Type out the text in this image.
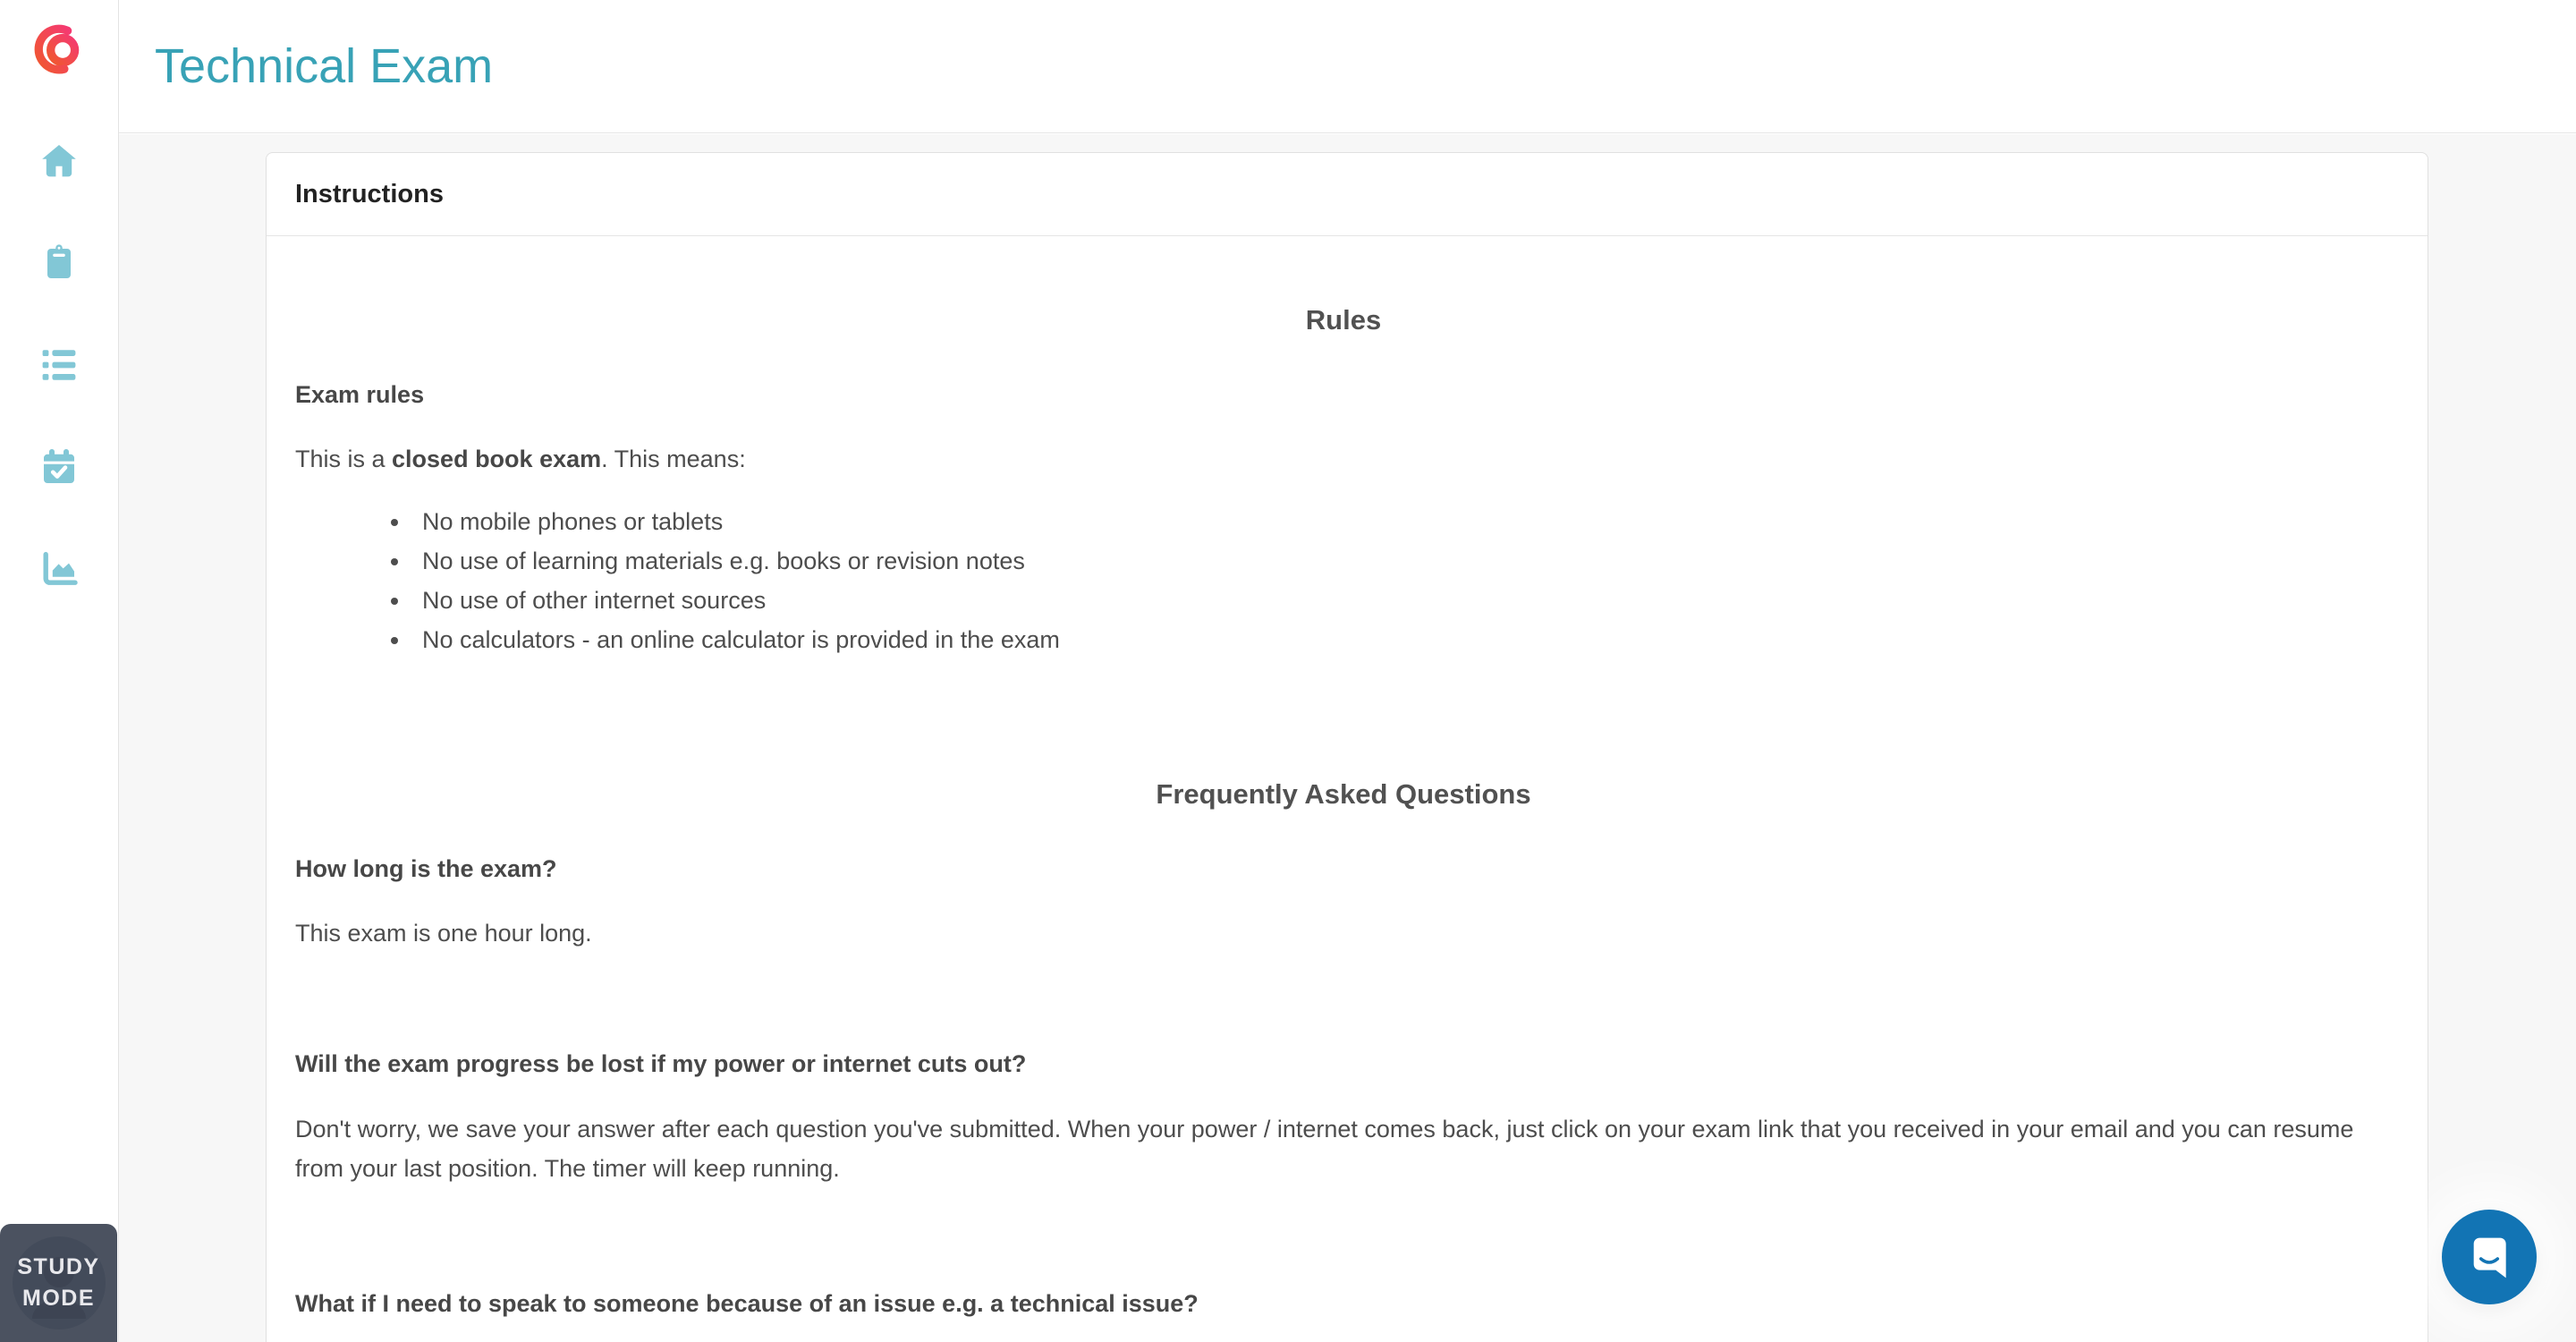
STUDY
MODE
Technical Exam
Instructions
Rules
Exam rules

This is a closed book exam. This means:

• No mobile phones or tablets
• No use of learning materials e.g. books or revision notes
• No use of other internet sources
• No calculators - an online calculator is provided in the exam
Frequently Asked Questions
How long is the exam?

This exam is one hour long.

Will the exam progress be lost if my power or internet cuts out?

Don't worry, we save your answer after each question you've submitted. When your power / internet comes back, just click on your exam link that you received in your email and you can resume from your last position. The timer will keep running.

What if I need to speak to someone because of an issue e.g. a technical issue?
